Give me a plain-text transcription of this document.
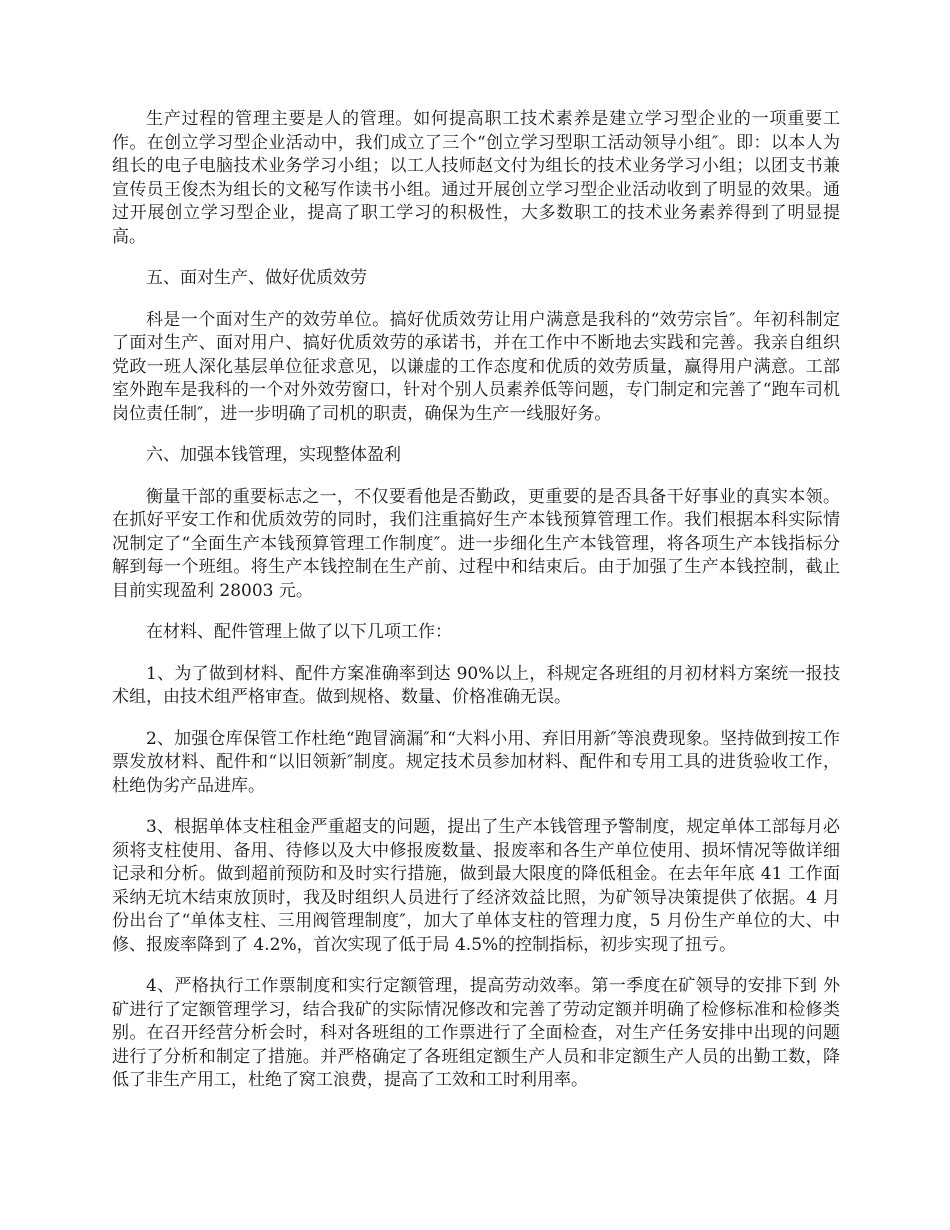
生产过程的管理主要是人的管理。如何提高职工技术素养是建立学习型企业的一项重要工作。在创立学习型企业活动中，我们成立了三个“创立学习型职工活动领导小组″。即：以本人为组长的电子电脑技术业务学习小组；以工人技师赵文付为组长的技术业务学习小组；以团支书兼宣传员王俊杰为组长的文秘写作读书小组。通过开展创立学习型企业活动收到了明显的效果。通过开展创立学习型企业，提高了职工学习的积极性，大多数职工的技术业务素养得到了明显提高。

五、面对生产、做好优质效劳

科是一个面对生产的效劳单位。搞好优质效劳让用户满意是我科的“效劳宗旨″。年初科制定了面对生产、面对用户、搞好优质效劳的承诺书，并在工作中不断地去实践和完善。我亲自组织党政一班人深化基层单位征求意见，以谦虚的工作态度和优质的效劳质量，赢得用户满意。工部室外跑车是我科的一个对外效劳窗口，针对个别人员素养低等问题，专门制定和完善了“跑车司机岗位责任制″，进一步明确了司机的职责，确保为生产一线服好务。

六、加强本钱管理，实现整体盈利

衡量干部的重要标志之一，不仅要看他是否勤政，更重要的是否具备干好事业的真实本领。在抓好平安工作和优质效劳的同时，我们注重搞好生产本钱预算管理工作。我们根据本科实际情况制定了“全面生产本钱预算管理工作制度″。进一步细化生产本钱管理，将各项生产本钱指标分解到每一个班组。将生产本钱控制在生产前、过程中和结束后。由于加强了生产本钱控制，截止目前实现盈利 28003 元。

在材料、配件管理上做了以下几项工作：

1、为了做到材料、配件方案准确率到达 90%以上，科规定各班组的月初材料方案统一报技术组，由技术组严格审查。做到规格、数量、价格准确无误。

2、加强仓库保管工作杜绝“跑冒滴漏″和“大料小用、弃旧用新″等浪费现象。坚持做到按工作票发放材料、配件和“以旧领新″制度。规定技术员参加材料、配件和专用工具的进货验收工作，杜绝伪劣产品进库。

3、根据单体支柱租金严重超支的问题，提出了生产本钱管理予警制度，规定单体工部每月必须将支柱使用、备用、待修以及大中修报废数量、报废率和各生产单位使用、损坏情况等做详细记录和分析。做到超前预防和及时实行措施，做到最大限度的降低租金。在去年年底 41 工作面采纳无坑木结束放顶时，我及时组织人员进行了经济效益比照，为矿领导决策提供了依据。4 月份出台了“单体支柱、三用阀管理制度″，加大了单体支柱的管理力度，5 月份生产单位的大、中修、报废率降到了 4.2%，首次实现了低于局 4.5%的控制指标，初步实现了扭亏。

4、严格执行工作票制度和实行定额管理，提高劳动效率。第一季度在矿领导的安排下到 外矿进行了定额管理学习，结合我矿的实际情况修改和完善了劳动定额并明确了检修标准和检修类别。在召开经营分析会时，科对各班组的工作票进行了全面检查，对生产任务安排中出现的问题进行了分析和制定了措施。并严格确定了各班组定额生产人员和非定额生产人员的出勤工数，降低了非生产用工，杜绝了窝工浪费，提高了工效和工时利用率。
